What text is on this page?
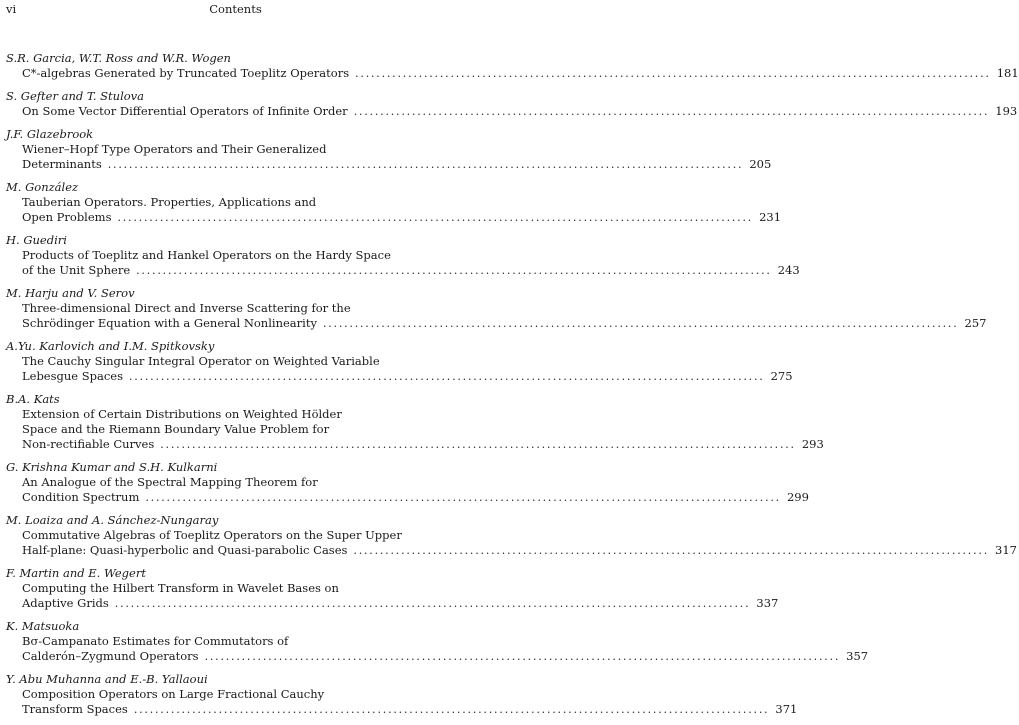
vi	Contents
S.R. Garcia, W.T. Ross and W.R. Wogen
C*-algebras Generated by Truncated Toeplitz Operators ........................................................................................................................ 181
S. Gefter and T. Stulova
On Some Vector Differential Operators of Infinite Order ........................................................................................................................ 193
J.F. Glazebrook
Wiener–Hopf Type Operators and Their Generalized
Determinants ........................................................................................................................ 205
M. González
Tauberian Operators. Properties, Applications and
Open Problems ........................................................................................................................ 231
H. Guediri
Products of Toeplitz and Hankel Operators on the Hardy Space
of the Unit Sphere ........................................................................................................................ 243
M. Harju and V. Serov
Three-dimensional Direct and Inverse Scattering for the
Schrödinger Equation with a General Nonlinearity ........................................................................................................................ 257
A.Yu. Karlovich and I.M. Spitkovsky
The Cauchy Singular Integral Operator on Weighted Variable
Lebesgue Spaces ........................................................................................................................ 275
B.A. Kats
Extension of Certain Distributions on Weighted Hölder
Space and the Riemann Boundary Value Problem for
Non-rectifiable Curves ........................................................................................................................ 293
G. Krishna Kumar and S.H. Kulkarni
An Analogue of the Spectral Mapping Theorem for
Condition Spectrum ........................................................................................................................ 299
M. Loaiza and A. Sánchez-Nungaray
Commutative Algebras of Toeplitz Operators on the Super Upper
Half-plane: Quasi-hyperbolic and Quasi-parabolic Cases ........................................................................................................................ 317
F. Martin and E. Wegert
Computing the Hilbert Transform in Wavelet Bases on
Adaptive Grids ........................................................................................................................ 337
K. Matsuoka
Bσ-Campanato Estimates for Commutators of
Calderón–Zygmund Operators ........................................................................................................................ 357
Y. Abu Muhanna and E.-B. Yallaoui
Composition Operators on Large Fractional Cauchy
Transform Spaces ........................................................................................................................ 371
